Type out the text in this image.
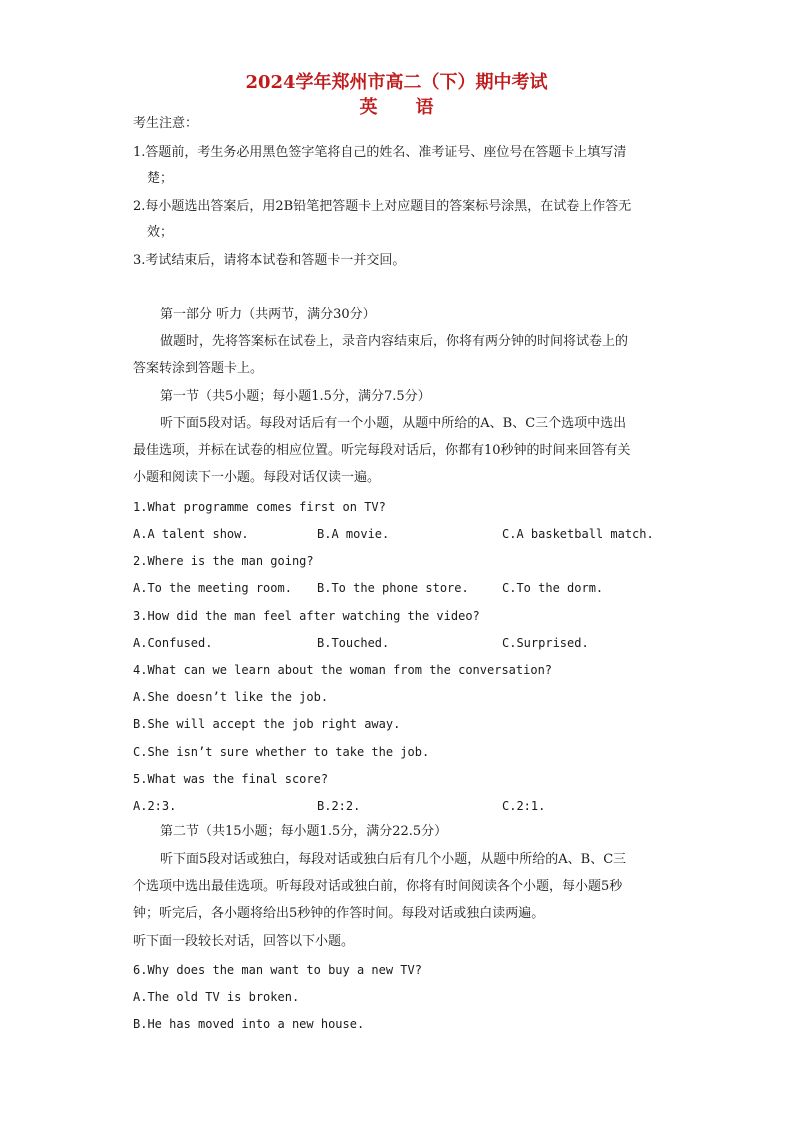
2024学年郑州市高二（下）期中考试
英 语
考生注意：
1.答题前，考生务必用黑色签字笔将自己的姓名、准考证号、座位号在答题卡上填写清
楚；
2.每小题选出答案后，用2B铅笔把答题卡上对应题目的答案标号涂黑，在试卷上作答无
效；
3.考试结束后，请将本试卷和答题卡一并交回。
第一部分 听力（共两节，满分30分）
做题时，先将答案标在试卷上，录音内容结束后，你将有两分钟的时间将试卷上的
答案转涂到答题卡上。
第一节（共5小题；每小题1.5分，满分7.5分）
听下面5段对话。每段对话后有一个小题，从题中所给的A、B、C三个选项中选出
最佳选项，并标在试卷的相应位置。听完每段对话后，你都有10秒钟的时间来回答有关
小题和阅读下一小题。每段对话仅读一遍。
1.What programme comes first on TV?
A.A talent show.	B.A movie.	C.A basketball match.
2.Where is the man going?
A.To the meeting room. B.To the phone store.	C.To the dorm.
3.How did the man feel after watching the video?
A.Confused.	B.Touched.	C.Surprised.
4.What can we learn about the woman from the conversation?
A.She doesn’t like the job.
B.She will accept the job right away.
C.She isn’t sure whether to take the job.
5.What was the final score?
A.2:3.	B.2:2.	C.2:1.
第二节（共15小题；每小题1.5分，满分22.5分）
听下面5段对话或独白，每段对话或独白后有几个小题，从题中所给的A、B、C三
个选项中选出最佳选项。听每段对话或独白前，你将有时间阅读各个小题，每小题5秒
钟；听完后，各小题将给出5秒钟的作答时间。每段对话或独白读两遍。
听下面一段较长对话，回答以下小题。
6.Why does the man want to buy a new TV?
A.The old TV is broken.
B.He has moved into a new house.
